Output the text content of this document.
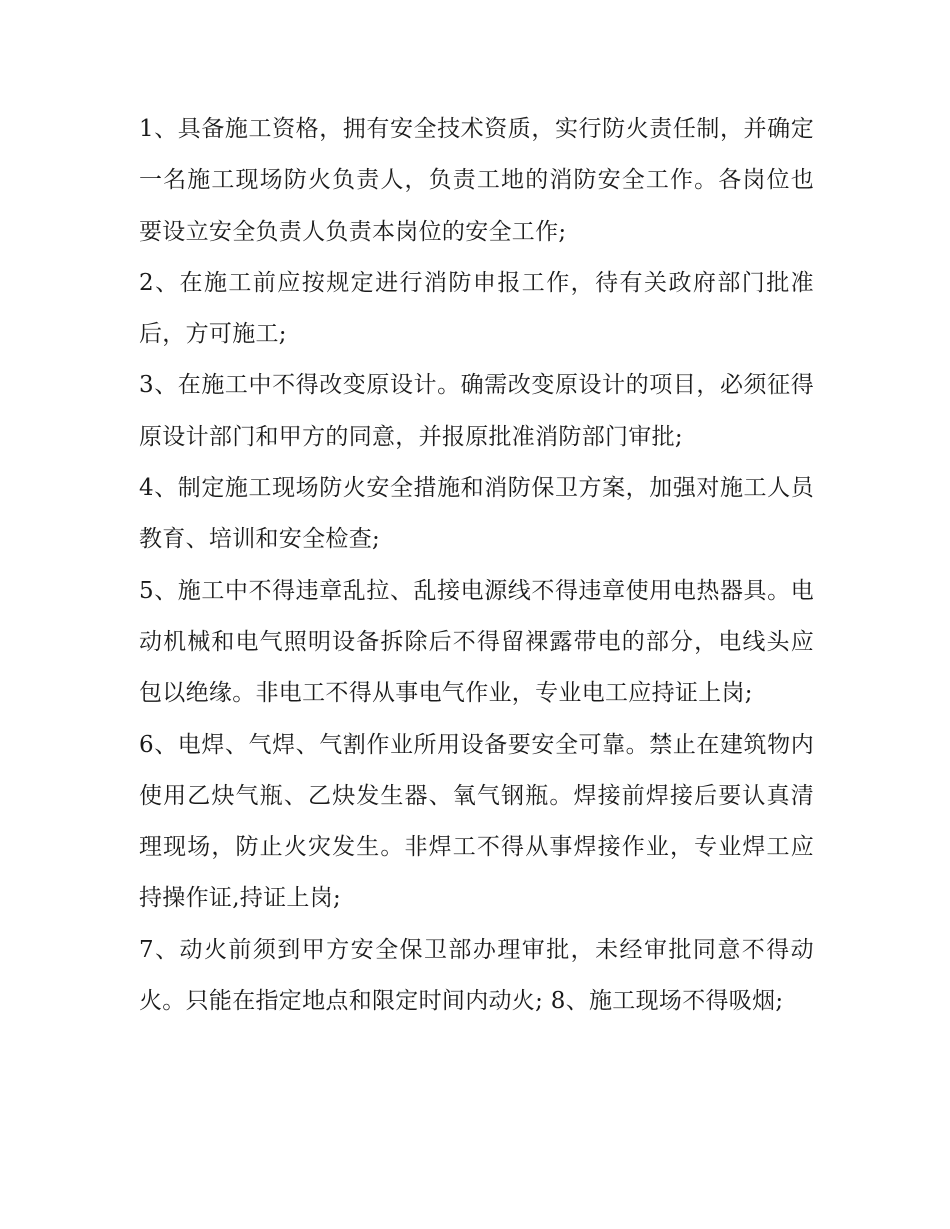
1、具备施工资格，拥有安全技术资质，实行防火责任制，并确定一名施工现场防火负责人，负责工地的消防安全工作。各岗位也要设立安全负责人负责本岗位的安全工作;

2、在施工前应按规定进行消防申报工作，待有关政府部门批准后，方可施工;

3、在施工中不得改变原设计。确需改变原设计的项目，必须征得原设计部门和甲方的同意，并报原批准消防部门审批;

4、制定施工现场防火安全措施和消防保卫方案，加强对施工人员教育、培训和安全检查;

5、施工中不得违章乱拉、乱接电源线不得违章使用电热器具。电动机械和电气照明设备拆除后不得留裸露带电的部分，电线头应包以绝缘。非电工不得从事电气作业，专业电工应持证上岗;

6、电焊、气焊、气割作业所用设备要安全可靠。禁止在建筑物内使用乙炔气瓶、乙炔发生器、氧气钢瓶。焊接前焊接后要认真清理现场，防止火灾发生。非焊工不得从事焊接作业，专业焊工应持操作证,持证上岗;

7、动火前须到甲方安全保卫部办理审批，未经审批同意不得动火。只能在指定地点和限定时间内动火; 8、施工现场不得吸烟;
